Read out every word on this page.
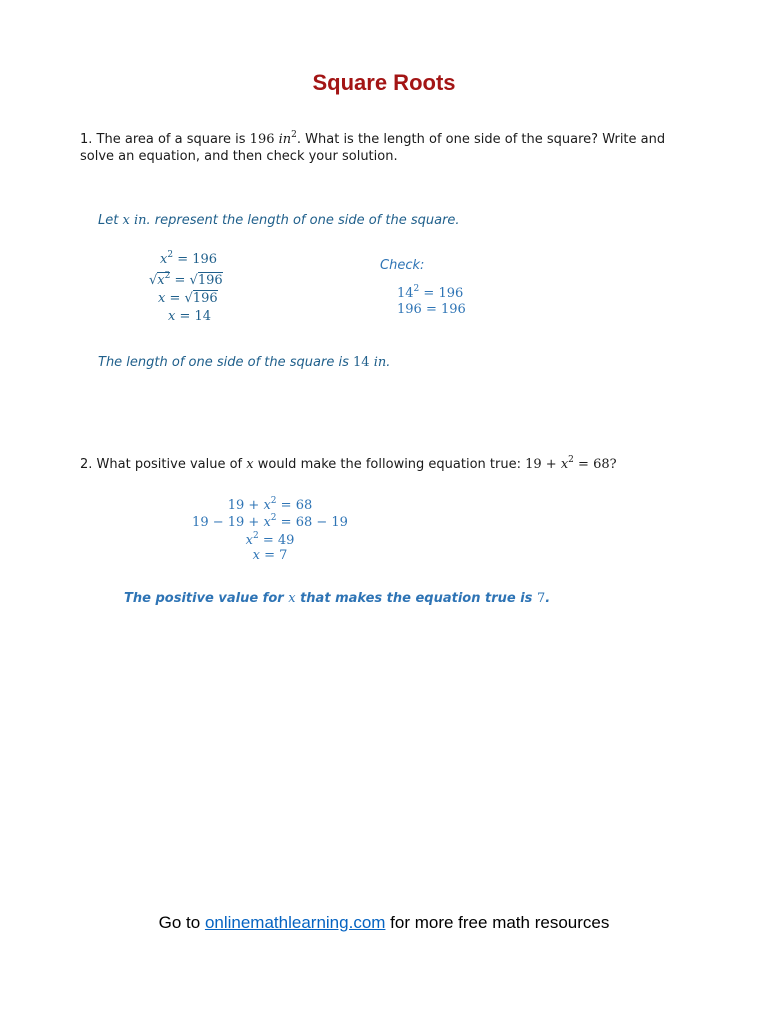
Square Roots
1. The area of a square is 196 $in^2$. What is the length of one side of the square? Write and
solve an equation, and then check your solution.
Let x in. represent the length of one side of the square.
$x^2 = 196$
$√x^2 = √196$
x = √196
x = 14
Check:
$14^2 = 196$
196 = 196
The length of one side of the square is 14 in.
2. What positive value of x would make the following equation true: $19 + x^2 = 68$?
$19 + x^2 = 68$
$19 - 19 + x^2 = 68 - 19$
$x^2 = 49$
x = 7
The positive value for x that makes the equation true is 7.
Go to onlinemathlearning.com for more free math resources
